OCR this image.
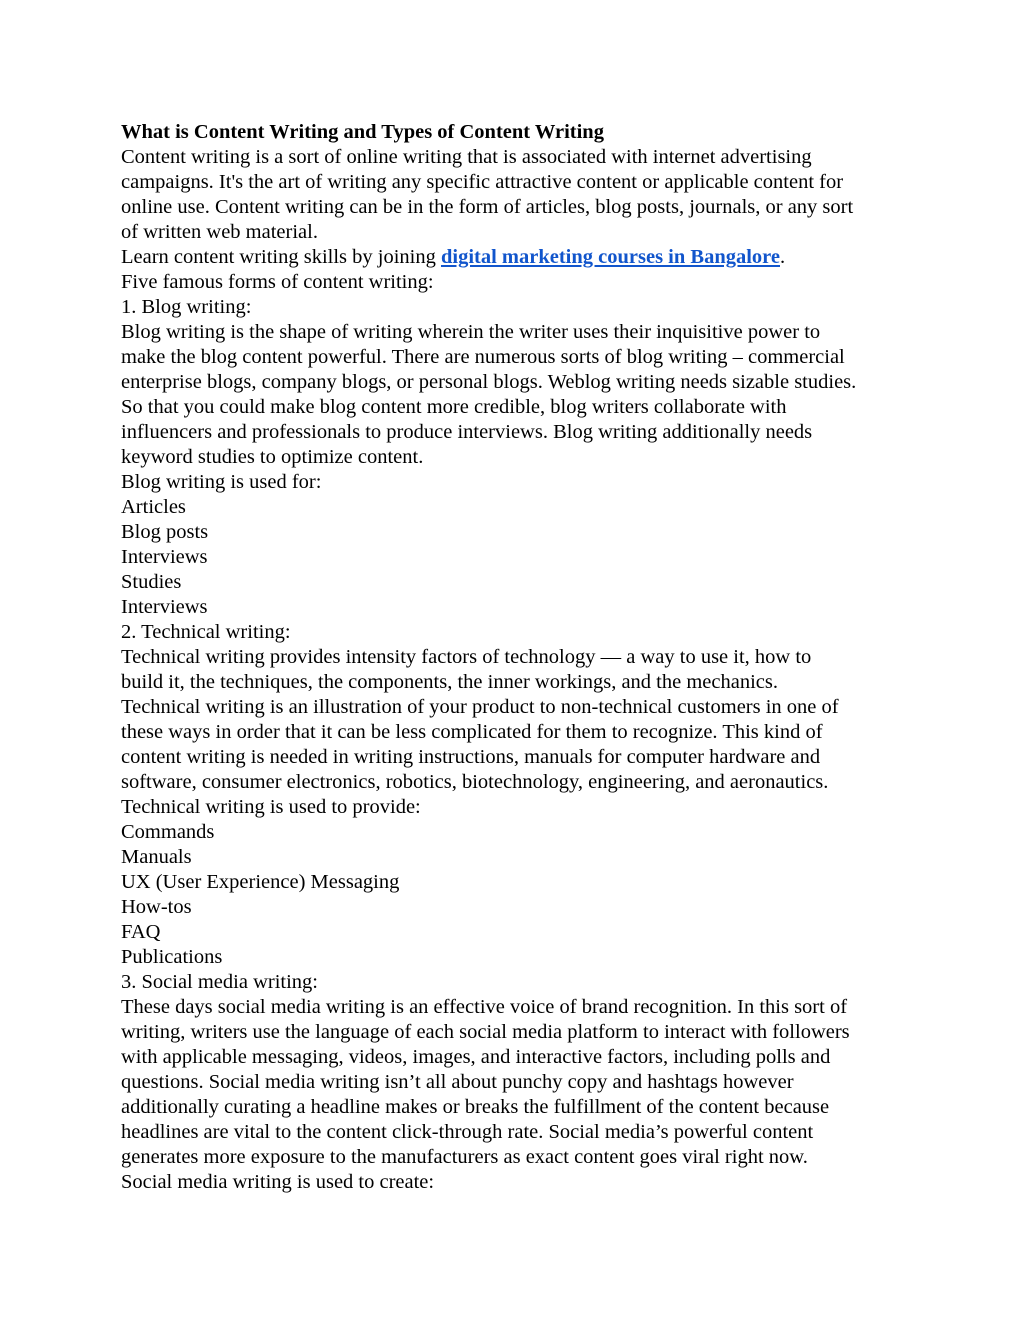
What is Content Writing and Types of Content Writing
Content writing is a sort of online writing that is associated with internet advertising
campaigns. It's the art of writing any specific attractive content or applicable content for
online use. Content writing can be in the form of articles, blog posts, journals, or any sort
of written web material.
Learn content writing skills by joining digital marketing courses in Bangalore.
Five famous forms of content writing:
1. Blog writing:
Blog writing is the shape of writing wherein the writer uses their inquisitive power to
make the blog content powerful. There are numerous sorts of blog writing – commercial
enterprise blogs, company blogs, or personal blogs. Weblog writing needs sizable studies.
So that you could make blog content more credible, blog writers collaborate with
influencers and professionals to produce interviews. Blog writing additionally needs
keyword studies to optimize content.
Blog writing is used for:
Articles
Blog posts
Interviews
Studies
Interviews
2. Technical writing:
Technical writing provides intensity factors of technology — a way to use it, how to
build it, the techniques, the components, the inner workings, and the mechanics.
Technical writing is an illustration of your product to non-technical customers in one of
these ways in order that it can be less complicated for them to recognize. This kind of
content writing is needed in writing instructions, manuals for computer hardware and
software, consumer electronics, robotics, biotechnology, engineering, and aeronautics.
Technical writing is used to provide:
Commands
Manuals
UX (User Experience) Messaging
How-tos
FAQ
Publications
3. Social media writing:
These days social media writing is an effective voice of brand recognition. In this sort of
writing, writers use the language of each social media platform to interact with followers
with applicable messaging, videos, images, and interactive factors, including polls and
questions. Social media writing isn’t all about punchy copy and hashtags however
additionally curating a headline makes or breaks the fulfillment of the content because
headlines are vital to the content click-through rate. Social media’s powerful content
generates more exposure to the manufacturers as exact content goes viral right now.
Social media writing is used to create:
